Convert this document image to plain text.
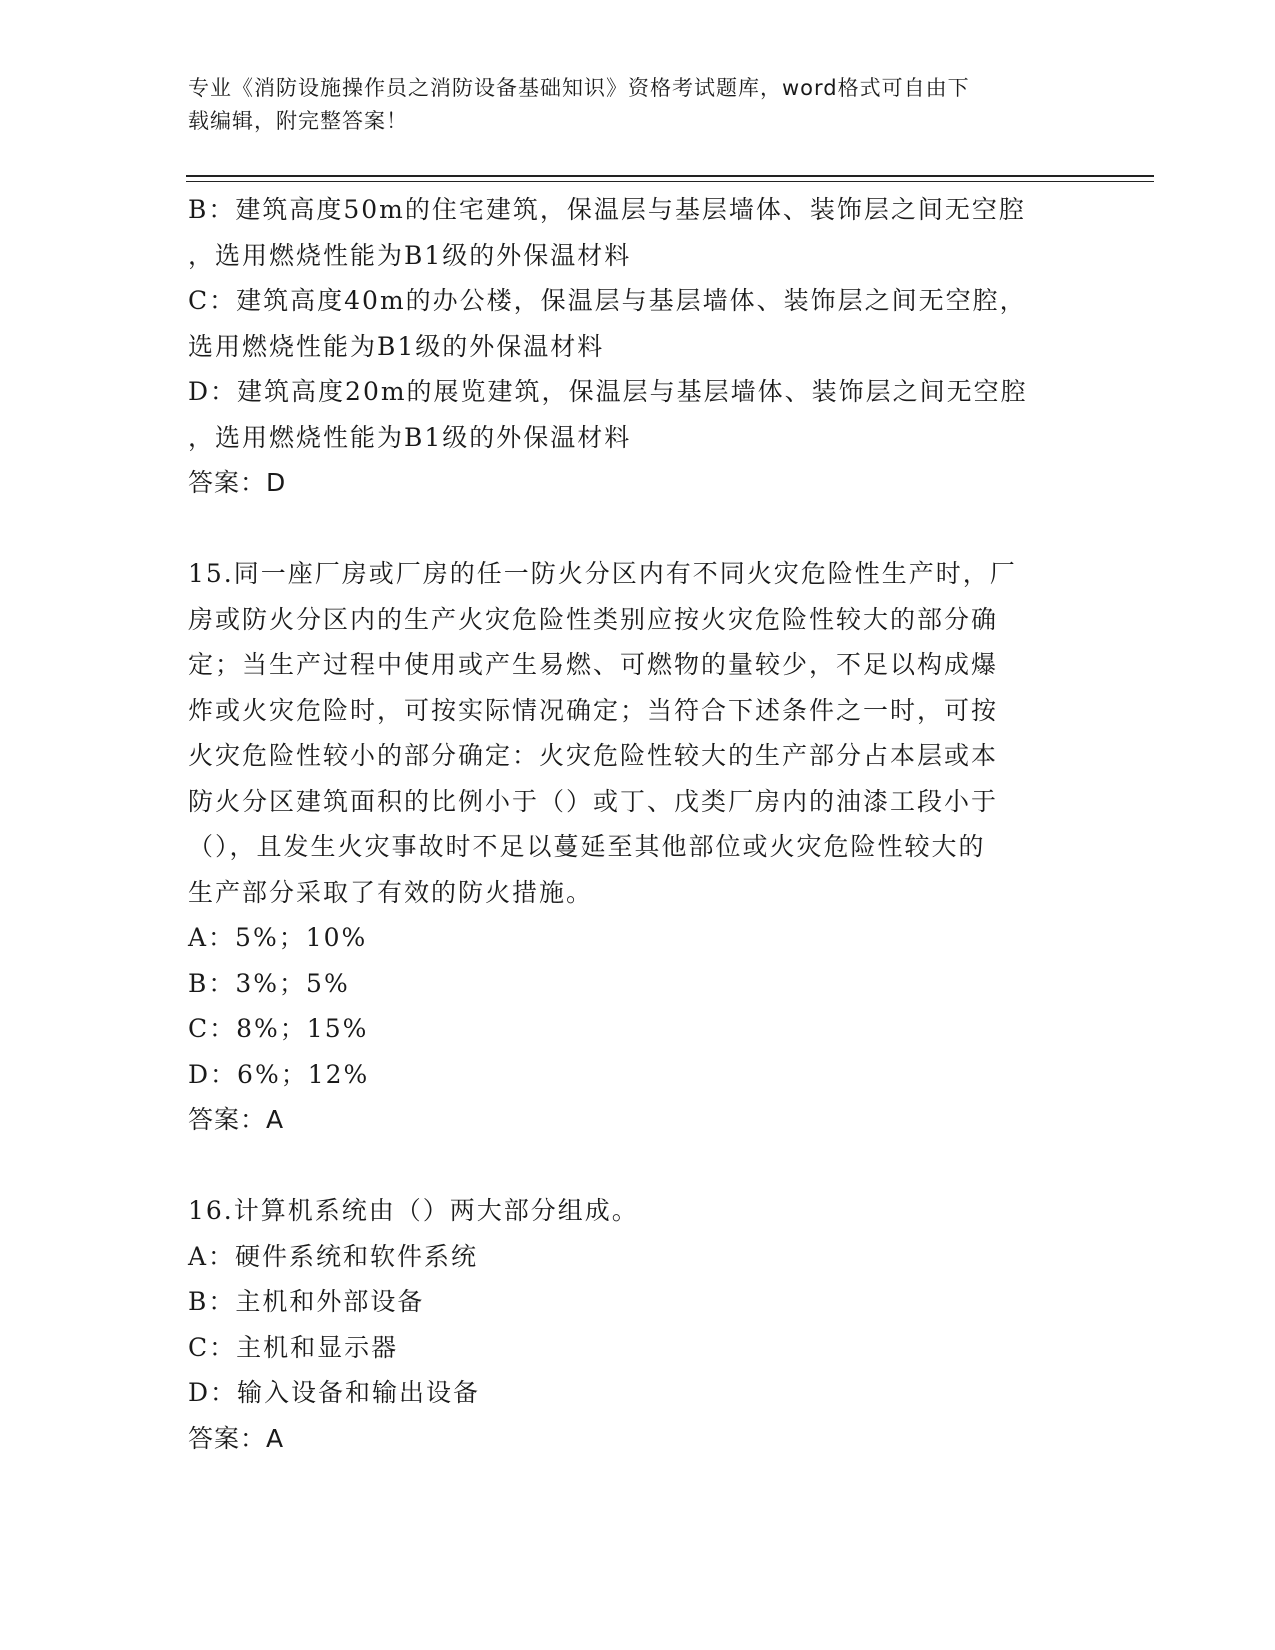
专业《消防设施操作员之消防设备基础知识》资格考试题库，word格式可自由下
载编辑，附完整答案！
B：建筑高度50m的住宅建筑，保温层与基层墙体、装饰层之间无空腔
，选用燃烧性能为B1级的外保温材料
C：建筑高度40m的办公楼，保温层与基层墙体、装饰层之间无空腔，
选用燃烧性能为B1级的外保温材料
D：建筑高度20m的展览建筑，保温层与基层墙体、装饰层之间无空腔
，选用燃烧性能为B1级的外保温材料
答案：D
15.同一座厂房或厂房的任一防火分区内有不同火灾危险性生产时，厂
房或防火分区内的生产火灾危险性类别应按火灾危险性较大的部分确
定；当生产过程中使用或产生易燃、可燃物的量较少，不足以构成爆
炸或火灾危险时，可按实际情况确定；当符合下述条件之一时，可按
火灾危险性较小的部分确定：火灾危险性较大的生产部分占本层或本
防火分区建筑面积的比例小于（）或丁、戊类厂房内的油漆工段小于
（），且发生火灾事故时不足以蔓延至其他部位或火灾危险性较大的
生产部分采取了有效的防火措施。
A：5%；10%
B：3%；5%
C：8%；15%
D：6%；12%
答案：A
16.计算机系统由（）两大部分组成。
A：硬件系统和软件系统
B：主机和外部设备
C：主机和显示器
D：输入设备和输出设备
答案：A
